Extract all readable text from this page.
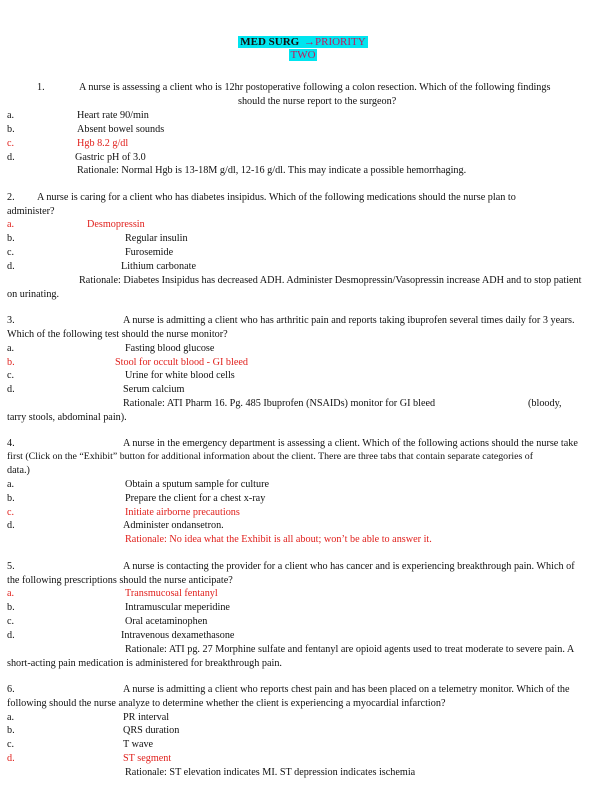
MED SURG →PRIORITY
TWO
1.	A nurse is assessing a client who is 12hr postoperative following a colon resection. Which of the following findings
should the nurse report to the surgeon?
a.	Heart rate 90/min
b.	Absent bowel sounds
c.	Hgb 8.2 g/dl
d.	Gastric pH of 3.0
Rationale: Normal Hgb is 13-18M g/dl, 12-16 g/dl. This may indicate a possible hemorrhaging.
2. A nurse is caring for a client who has diabetes insipidus. Which of the following medications should the nurse plan to
administer?
a.	Desmopressin
b.	Regular insulin
c.	Furosemide
d.	Lithium carbonate
Rationale: Diabetes Insipidus has decreased ADH. Administer Desmopressin/Vasopressin increase ADH and to stop patient
on urinating.
3.	A nurse is admitting a client who has arthritic pain and reports taking ibuprofen several times daily for 3 years.
Which of the following test should the nurse monitor?
a.	Fasting blood glucose
b.	Stool for occult blood - GI bleed
c.	Urine for white blood cells
d.	Serum calcium
Rationale: ATI Pharm 16. Pg. 485 Ibuprofen (NSAIDs) monitor for GI bleed	(bloody,
tarry stools, abdominal pain).
4.	A nurse in the emergency department is assessing a client. Which of the following actions should the nurse take
first (Click on the “Exhibit” button for additional information about the client. There are three tabs that contain separate categories of
data.)
a.	Obtain a sputum sample for culture
b.	Prepare the client for a chest x-ray
c.	Initiate airborne precautions
d.	Administer ondansetron.
Rationale: No idea what the Exhibit is all about; won’t be able to answer it.
5.	A nurse is contacting the provider for a client who has cancer and is experiencing breakthrough pain. Which of
the following prescriptions should the nurse anticipate?
a.	Transmucosal fentanyl
b.	Intramuscular meperidine
c.	Oral acetaminophen
d.	Intravenous dexamethasone
Rationale: ATI pg. 27 Morphine sulfate and fentanyl are opioid agents used to treat moderate to severe pain. A
short-acting pain medication is administered for breakthrough pain.
6.	A nurse is admitting a client who reports chest pain and has been placed on a telemetry monitor. Which of the
following should the nurse analyze to determine whether the client is experiencing a myocardial infarction?
a.	PR interval
b.	QRS duration
c.	T wave
d.	ST segment
Rationale: ST elevation indicates MI. ST depression indicates ischemia
